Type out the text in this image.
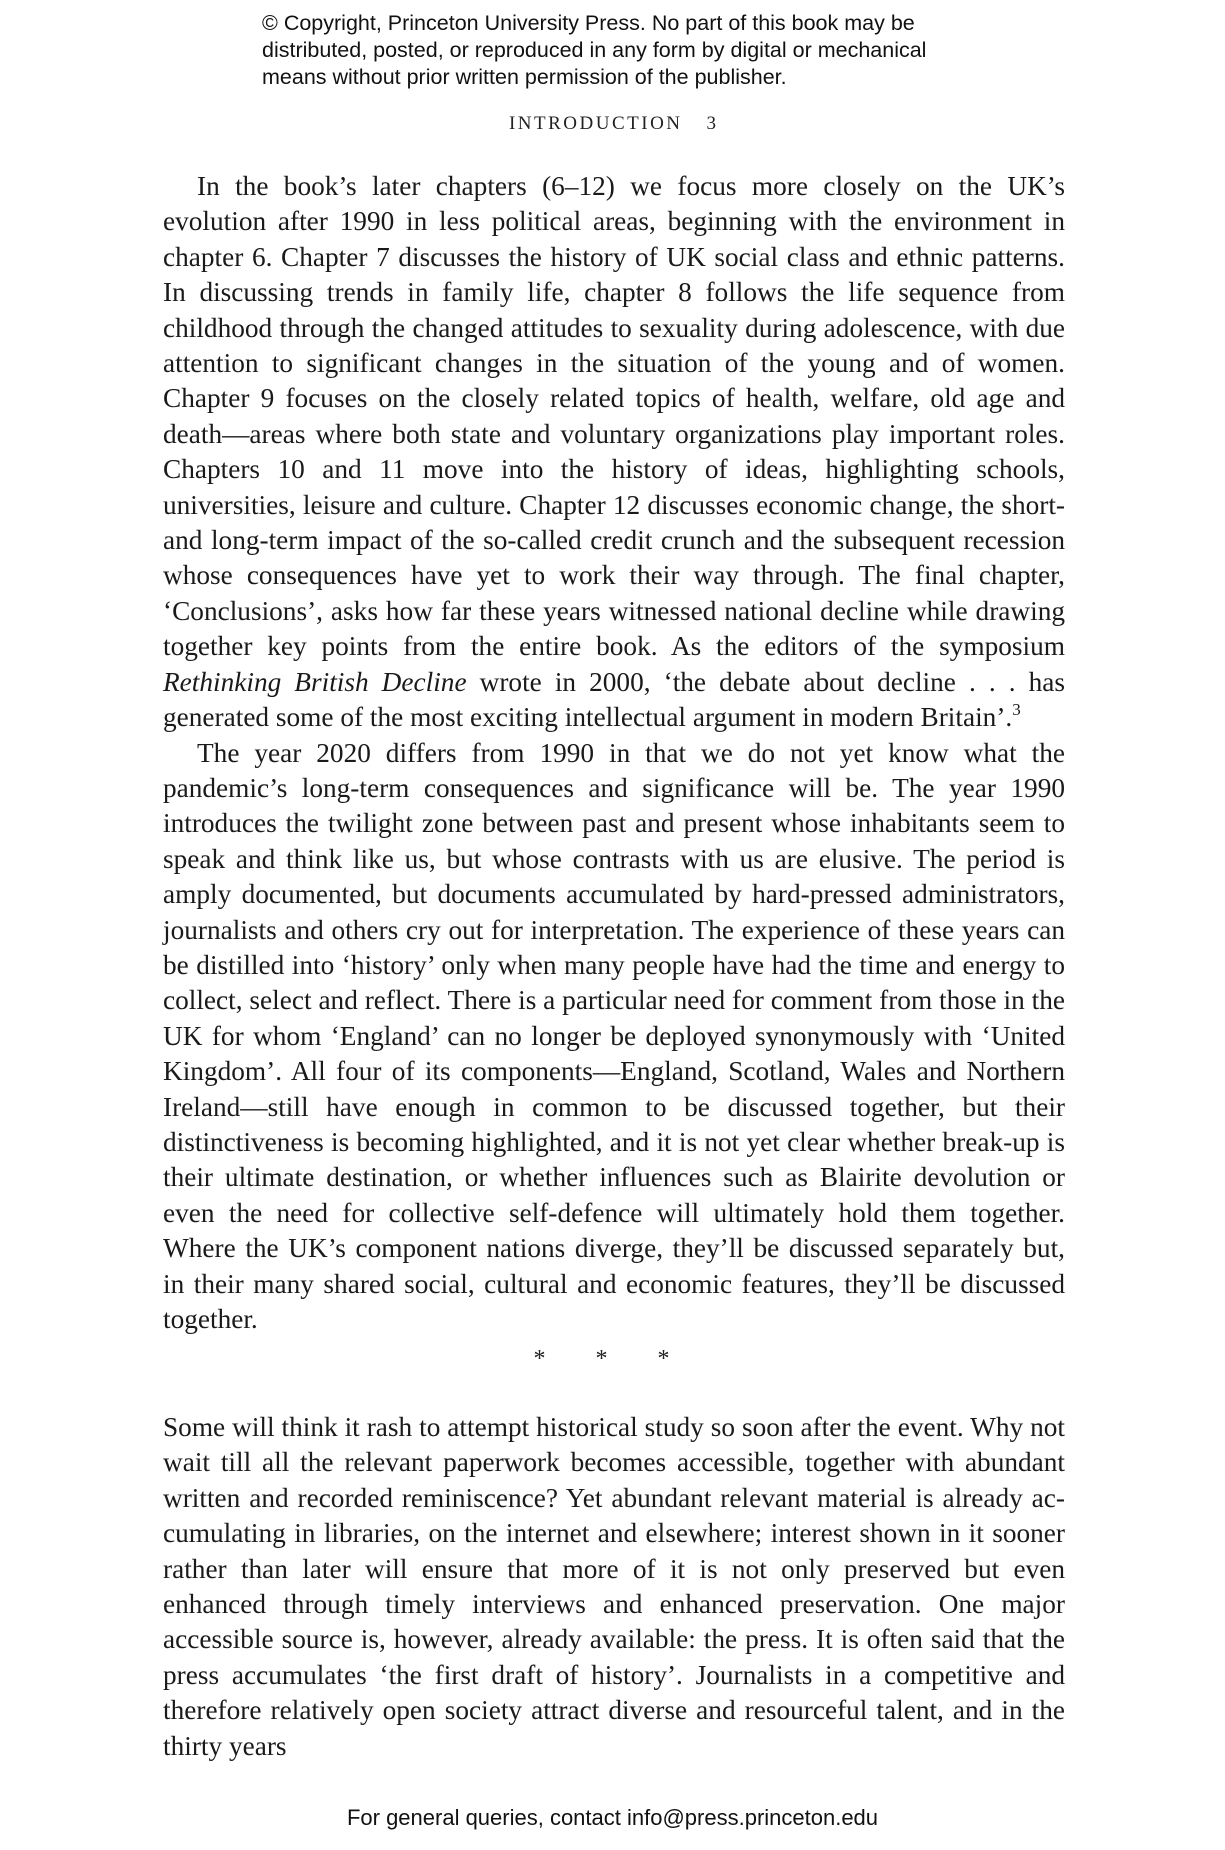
© Copyright, Princeton University Press. No part of this book may be
distributed, posted, or reproduced in any form by digital or mechanical
means without prior written permission of the publisher.
INTRODUCTION 3

In the book’s later chapters (6–12) we focus more closely on the UK’s evolution after 1990 in less political areas, beginning with the environment in chapter 6. Chapter 7 discusses the history of UK social class and ethnic patterns. In discussing trends in family life, chapter 8 follows the life sequence from childhood through the changed attitudes to sexuality during adolescence, with due attention to significant changes in the situation of the young and of women. Chapter 9 focuses on the closely related topics of health, welfare, old age and death—areas where both state and voluntary organizations play important roles. Chapters 10 and 11 move into the history of ideas, highlighting schools, universities, leisure and culture. Chapter 12 discusses economic change, the short- and long-term impact of the so-called credit crunch and the subsequent recession whose consequences have yet to work their way through. The final chapter, ‘Conclusions’, asks how far these years witnessed national decline while drawing together key points from the entire book. As the editors of the symposium Rethinking British Decline wrote in 2000, ‘the debate about decline . . . has generated some of the most exciting intellectual argument in modern Britain’.$^3$

The year 2020 differs from 1990 in that we do not yet know what the pandemic’s long-term consequences and significance will be. The year 1990 introduces the twilight zone between past and present whose inhabitants seem to speak and think like us, but whose contrasts with us are elusive. The period is amply documented, but documents accumulated by hard-pressed administrators, journalists and others cry out for interpretation. The experience of these years can be distilled into ‘history’ only when many people have had the time and energy to collect, select and reflect. There is a particular need for comment from those in the UK for whom ‘England’ can no longer be deployed synonymously with ‘United Kingdom’. All four of its components—England, Scotland, Wales and Northern Ireland—still have enough in common to be discussed together, but their distinctiveness is becoming highlighted, and it is not yet clear whether break-up is their ultimate destination, or whether influences such as Blairite devolution or even the need for collective self-defence will ultimately hold them together. Where the UK’s component nations diverge, they’ll be discussed separately but, in their many shared social, cultural and economic features, they’ll be discussed together.

* * *

Some will think it rash to attempt historical study so soon after the event. Why not wait till all the relevant paperwork becomes accessible, together with abundant written and recorded reminiscence? Yet abundant relevant material is already accumulating in libraries, on the internet and elsewhere; interest shown in it sooner rather than later will ensure that more of it is not only preserved but even enhanced through timely interviews and enhanced preservation. One major accessible source is, however, already available: the press. It is often said that the press accumulates ‘the first draft of history’. Journalists in a competitive and therefore relatively open society attract diverse and resourceful talent, and in the thirty years

For general queries, contact info@press.princeton.edu
